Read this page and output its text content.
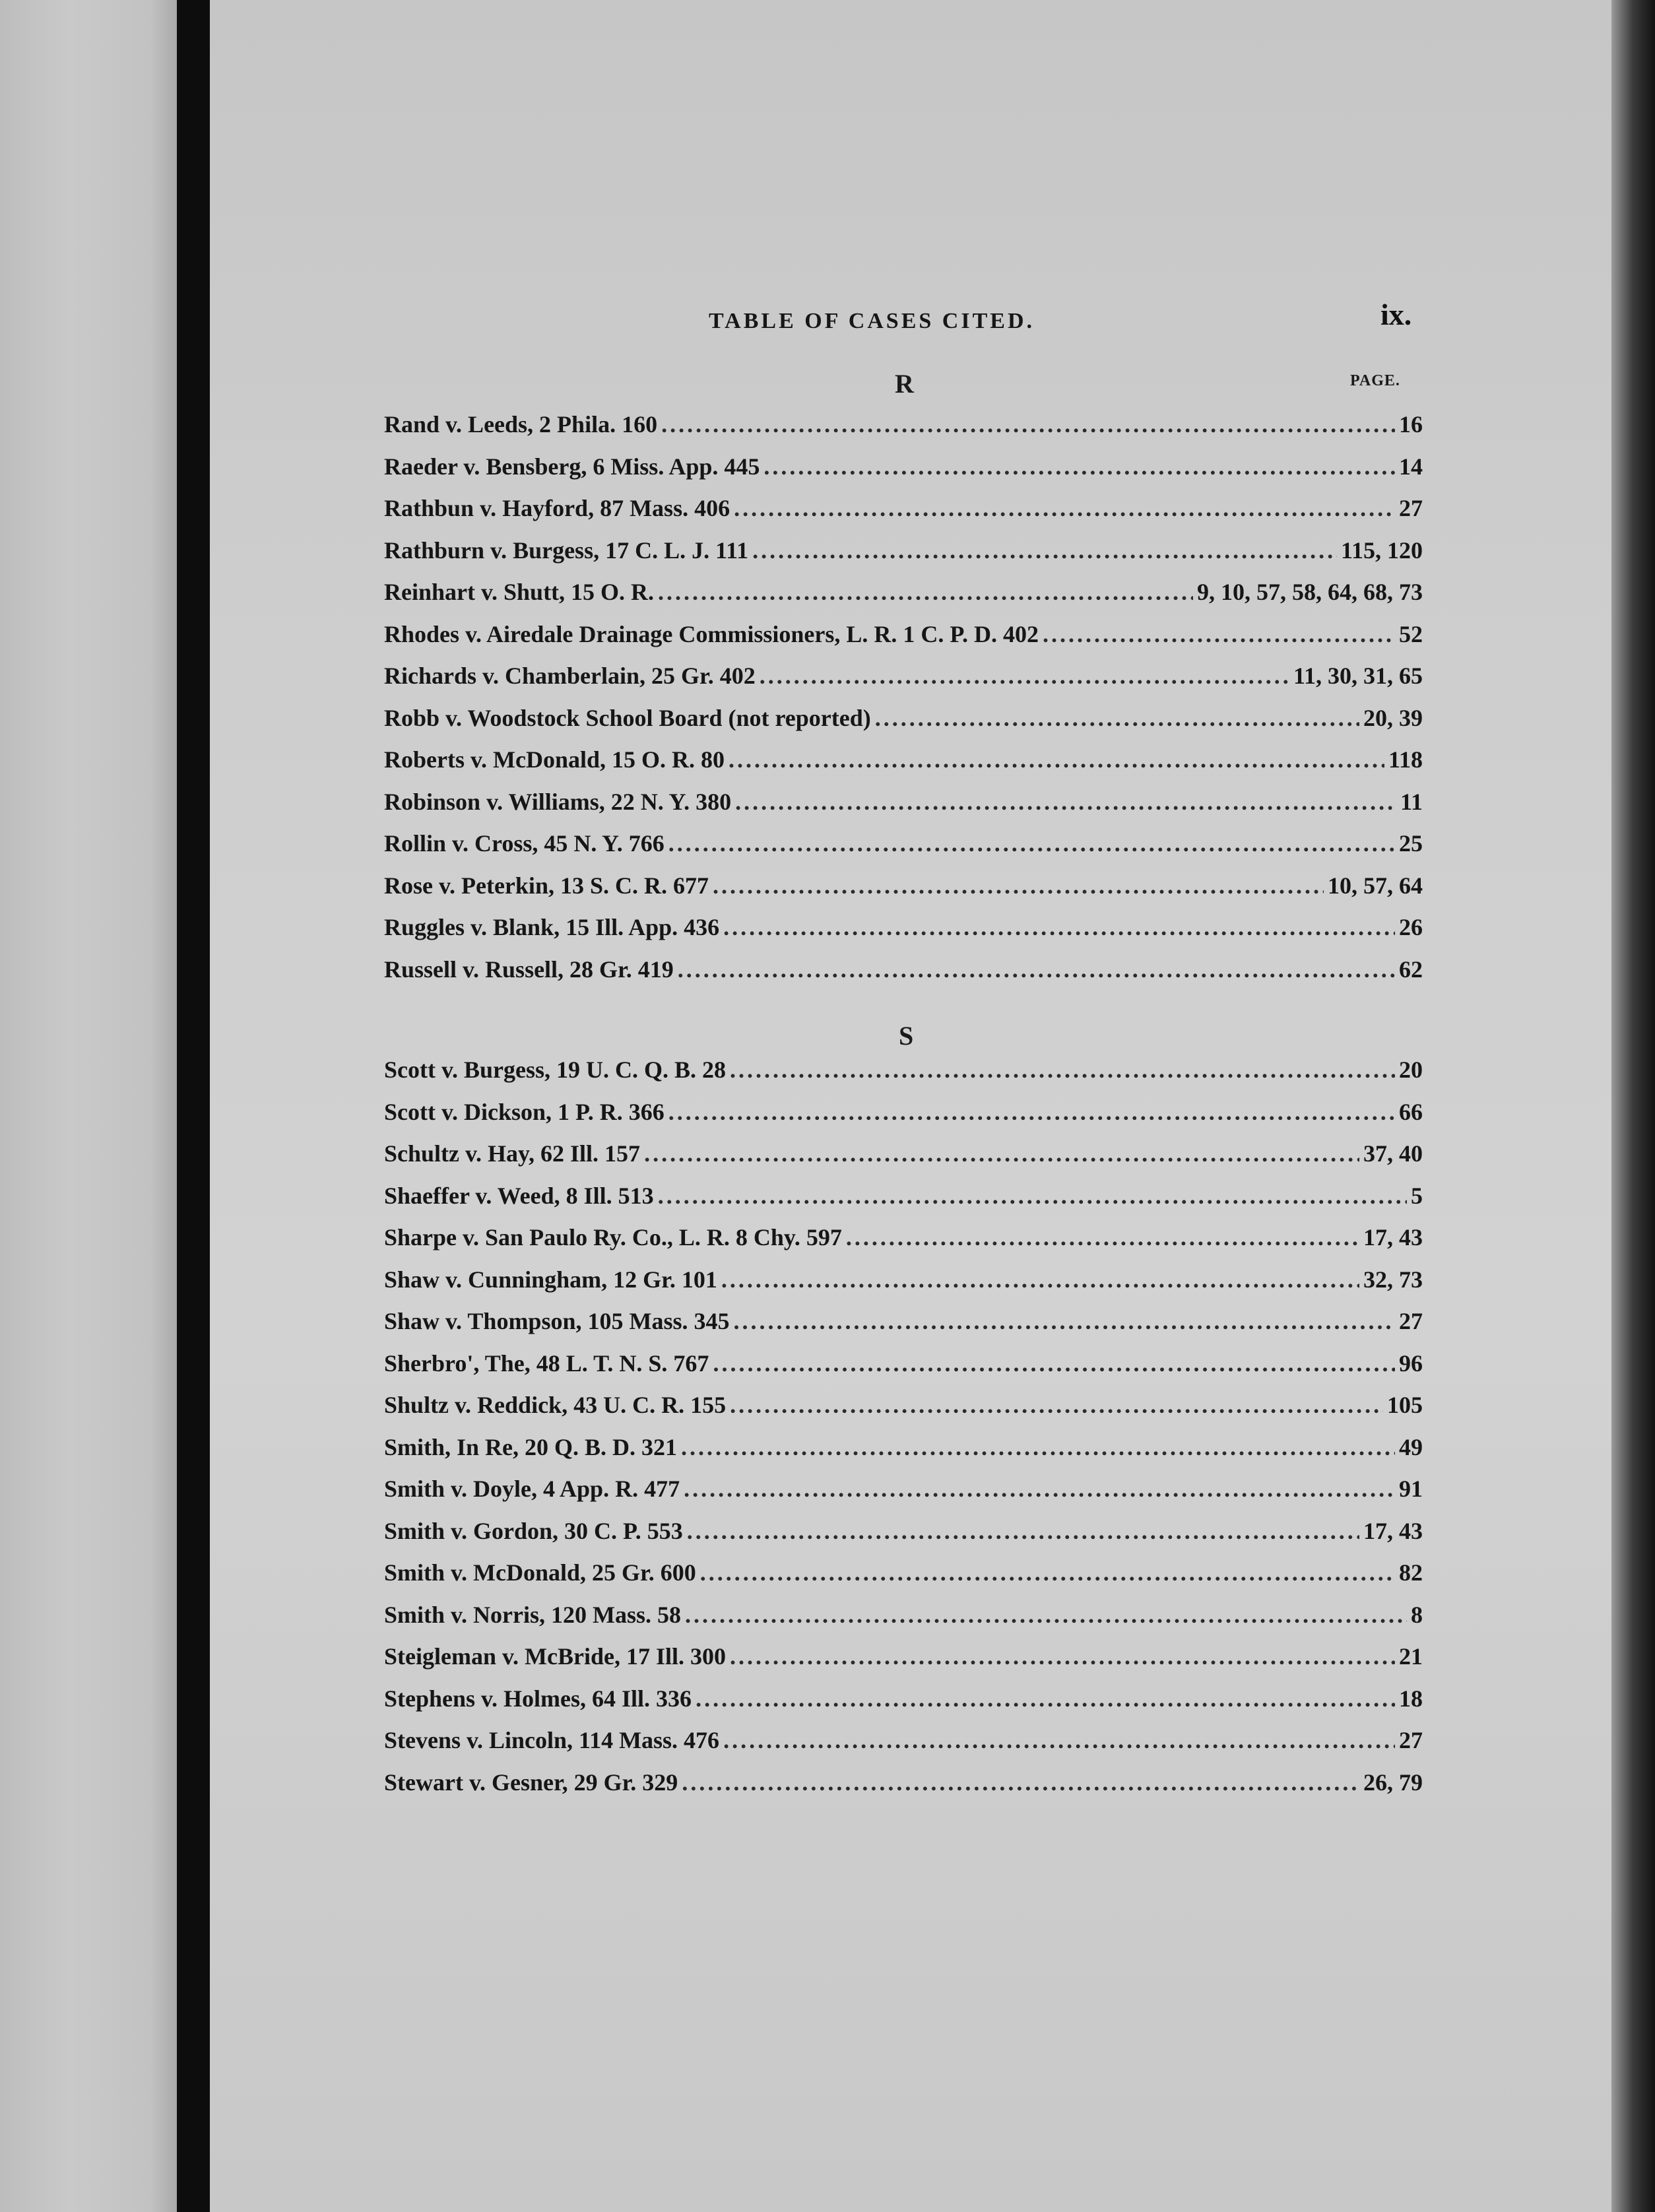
TABLE OF CASES CITED.	ix.
R	PAGE.
Rand v. Leeds, 2 Phila. 160 .....	16
Raeder v. Bensberg, 6 Miss. App. 445 .....	14
Rathbun v. Hayford, 87 Mass. 406 .....	27
Rathburn v. Burgess, 17 C. L. J. 111 .....	115, 120
Reinhart v. Shutt, 15 O. R. .....	9, 10, 57, 58, 64, 68, 73
Rhodes v. Airedale Drainage Commissioners, L. R. 1 C. P. D. 402 .....	52
Richards v. Chamberlain, 25 Gr. 402 .....	11, 30, 31, 65
Robb v. Woodstock School Board (not reported) .....	20, 39
Roberts v. McDonald, 15 O. R. 80 .....	118
Robinson v. Williams, 22 N. Y. 380 .....	11
Rollin v. Cross, 45 N. Y. 766 .....	25
Rose v. Peterkin, 13 S. C. R. 677 .....	10, 57, 64
Ruggles v. Blank, 15 Ill. App. 436 .....	26
Russell v. Russell, 28 Gr. 419 .....	62
S
Scott v. Burgess, 19 U. C. Q. B. 28 .....	20
Scott v. Dickson, 1 P. R. 366 .....	66
Schultz v. Hay, 62 Ill. 157 .....	37, 40
Shaeffer v. Weed, 8 Ill. 513 .....	5
Sharpe v. San Paulo Ry. Co., L. R. 8 Chy. 597 .....	17, 43
Shaw v. Cunningham, 12 Gr. 101 .....	32, 73
Shaw v. Thompson, 105 Mass. 345 .....	27
Sherbro', The, 48 L. T. N. S. 767 .....	96
Shultz v. Reddick, 43 U. C. R. 155 .....	105
Smith, In Re, 20 Q. B. D. 321 .....	49
Smith v. Doyle, 4 App. R. 477 .....	91
Smith v. Gordon, 30 C. P. 553 .....	17, 43
Smith v. McDonald, 25 Gr. 600 .....	82
Smith v. Norris, 120 Mass. 58 .....	8
Steigleman v. McBride, 17 Ill. 300 .....	21
Stephens v. Holmes, 64 Ill. 336 .....	18
Stevens v. Lincoln, 114 Mass. 476 .....	27
Stewart v. Gesner, 29 Gr. 329 .....	26, 79
